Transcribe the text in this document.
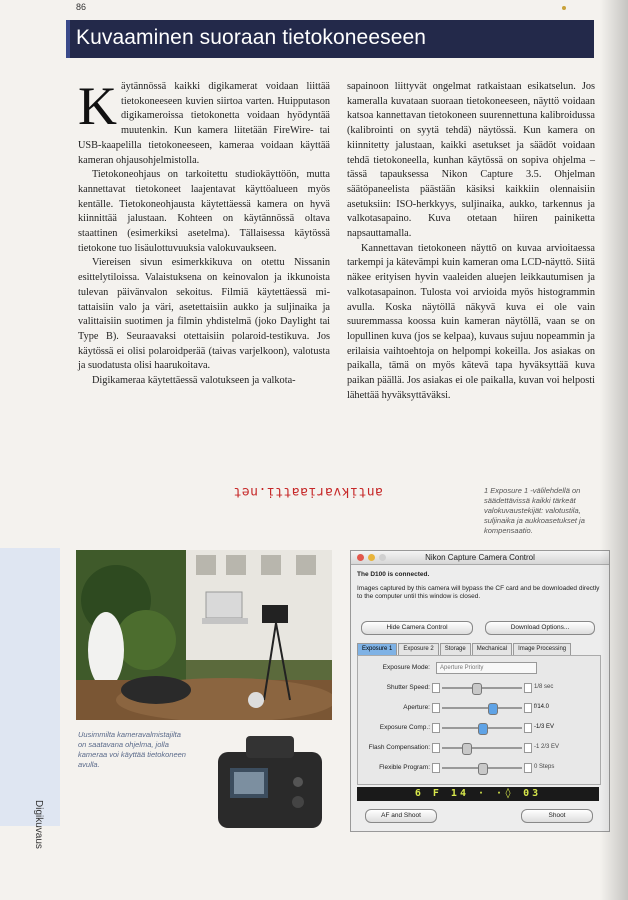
86
Kuvaaminen suoraan tietokoneeseen

Käytännössä kaikki digikamerat voidaan liittää tietokoneeseen kuvien siirtoa varten. Huipputason digikameroissa tietokonetta voidaan hyödyntää muutenkin. Kun kamera liitetään FireWire- tai USB-kaapelilla tietokoneeseen, kameraa voidaan käyttää kameran ohjausohjelmistolla.

Tietokoneohjaus on tarkoitettu studiokäyttöön, mutta kannettavat tietokoneet laajentavat käyttöalueen myös kentälle. Tietokoneohjausta käytettäessä kamera on hyvä kiinnittää jalustaan. Kohteen on käytännössä oltava staattinen (esimerkiksi asetelma). Tällaisessa käytössä tietokone tuo lisäulottuvuuksia valokuvaukseen.

Viereisen sivun esimerkkikuva on otettu Nissanin esittelytiloissa. Valaistuksena on keinovalon ja ikkunoista tulevan päivänvalon sekoitus. Filmiä käytettäessä mitattaisiin valo ja väri, asetettaisiin aukko ja suljinaika ja valittaisiin suotimen ja filmin yhdistelmä (joko Daylight tai Type B). Seuraavaksi otettaisiin polaroid-testikuva. Jos käytössä ei olisi polaroidperää (taivas varjelkoon), valotusta ja suodatusta olisi haarukoitava.

Digikameraa käytettäessä valotukseen ja valkota-

sapainoon liittyvät ongelmat ratkaistaan esikatselun. Jos kameralla kuvataan suoraan tietokoneeseen, näyttö voidaan katsoa kannettavan tietokoneen suurennettuna kalibroidussa (kalibrointi on syytä tehdä) näytössä. Kun kamera on kiinnitetty jalustaan, kaikki asetukset ja säädöt voidaan tehdä tietokoneella, kunhan käytössä on sopiva ohjelma – tässä tapauksessa Nikon Capture 3.5. Ohjelman säätöpaneelista päästään käsiksi kaikkiin olennaisiin asetuksiin: ISO-herkkyys, suljinaika, aukko, tarkennus ja valkotasapaino. Kuva otetaan hiiren painiketta napsauttamalla.

Kannettavan tietokoneen näyttö on kuvaa arvioitaessa tarkempi ja kätevämpi kuin kameran oma LCD-näyttö. Siitä näkee erityisen hyvin vaaleiden aluejen leikkautumisen ja valkotasapainon. Tulosta voi arvioida myös histogrammin avulla. Koska näytöllä näkyvä kuva ei ole vain suuremmassa koossa kuin kameran näytöllä, vaan se on lopullinen kuva (jos se kelpaa), kuvaus sujuu nopeammin ja erilaisia vaihtoehtoja on helpompi kokeilla. Jos asiakas on paikalla, tämä on myös kätevä tapa hyväksyttää kuva paikan päällä. Jos asiakas ei ole paikalla, kuvan voi helposti lähettää hyväksyttäväksi.

antikvariaatti.net	1 Exposure 1 -välilehdellä on säädettävissä kaikki tärkeät valokuvaustekijät: valotustila, suljinaika ja aukkoasetukset ja kompensaatio.
Digikuvaus
Uusimmilta kameravalmistajilta on saatavana ohjelma, jolla kameraa voi käyttää tietokoneen avulla.
Nikon Capture Camera Control
The D100 is connected.
Images captured by this camera will bypass the CF card and be downloaded directly to the computer until this window is closed.
Hide Camera Control	Download Options...
Exposure 1	Exposure 2	Storage	Mechanical	Image Processing
Exposure Mode:	Aperture Priority
Shutter Speed:	1/8 sec
Aperture:	f/14.0
Exposure Comp.:	-1/3 EV
Flash Compensation:	-1 2/3 EV
Flexible Program:	0 Steps
6 F 14 · ·◊ 03
AF and Shoot	Shoot
